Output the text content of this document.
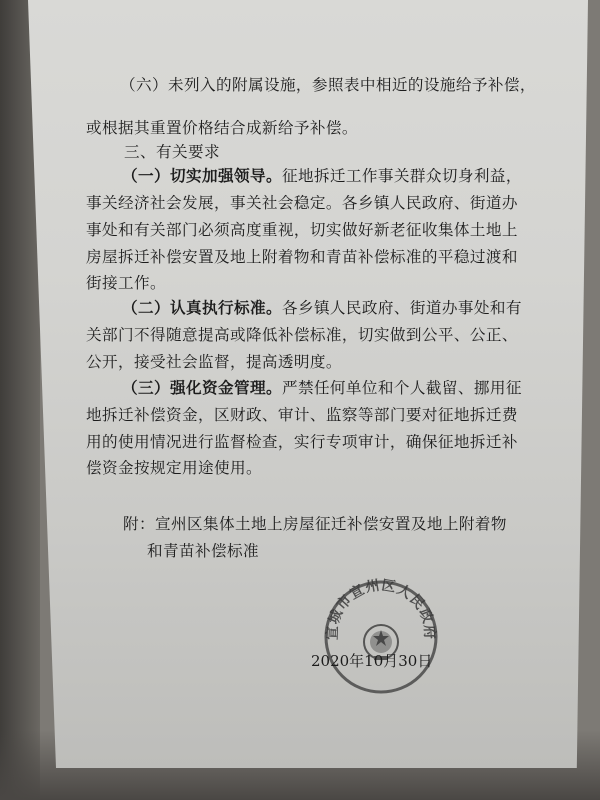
（六）未列入的附属设施，参照表中相近的设施给予补偿，
或根据其重置价格结合成新给予补偿。
三、有关要求
（一）切实加强领导。征地拆迁工作事关群众切身利益，
事关经济社会发展，事关社会稳定。各乡镇人民政府、街道办
事处和有关部门必须高度重视，切实做好新老征收集体土地上
房屋拆迁补偿安置及地上附着物和青苗补偿标准的平稳过渡和
街接工作。
（二）认真执行标准。各乡镇人民政府、街道办事处和有
关部门不得随意提高或降低补偿标准，切实做到公平、公正、
公开，接受社会监督，提高透明度。
（三）强化资金管理。严禁任何单位和个人截留、挪用征
地拆迁补偿资金，区财政、审计、监察等部门要对征地拆迁费
用的使用情况进行监督检查，实行专项审计，确保征地拆迁补
偿资金按规定用途使用。
附：宣州区集体土地上房屋征迁补偿安置及地上附着物
和青苗补偿标准
宣城市宣州区人民政府
2020年10月30日
